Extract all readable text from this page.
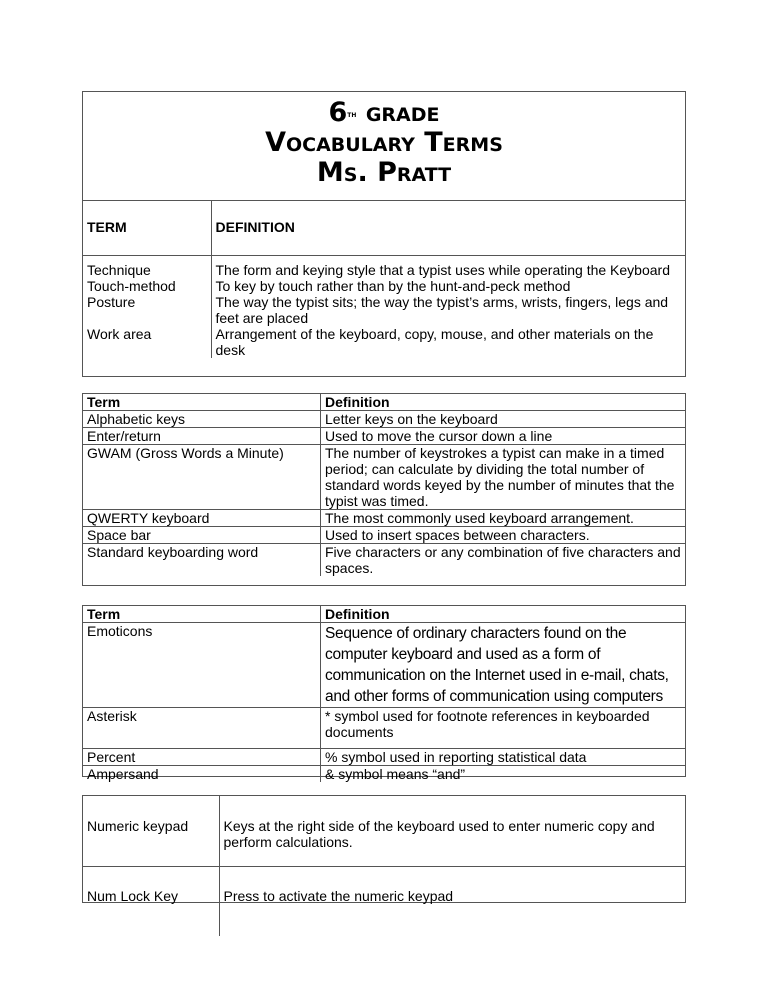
6th grade
Vocabulary Terms
Ms. Pratt
TERM	DEFINITION
Technique	The form and keying style that a typist uses while operating the Keyboard
Touch-method	To key by touch rather than by the hunt-and-peck method
Posture	The way the typist sits; the way the typist’s arms, wrists, fingers, legs and feet are placed
Work area	Arrangement of the keyboard, copy, mouse, and other materials on the desk
Term	Definition
Alphabetic keys	Letter keys on the keyboard
Enter/return	Used to move the cursor down a line
GWAM (Gross Words a Minute)	The number of keystrokes a typist can make in a timed period; can calculate by dividing the total number of standard words keyed by the number of minutes that the typist was timed.
QWERTY keyboard	The most commonly used keyboard arrangement.
Space bar	Used to insert spaces between characters.
Standard keyboarding word	Five characters or any combination of five characters and spaces.
Term	Definition
Emoticons	Sequence of ordinary characters found on the computer keyboard and used as a form of communication on the Internet used in e-mail, chats, and other forms of communication using computers
Asterisk	* symbol used for footnote references in keyboarded documents
Percent	% symbol used in reporting statistical data
Ampersand	& symbol means “and”
Numeric keypad	Keys at the right side of the keyboard used to enter numeric copy and perform calculations.
Num Lock Key	Press to activate the numeric keypad
